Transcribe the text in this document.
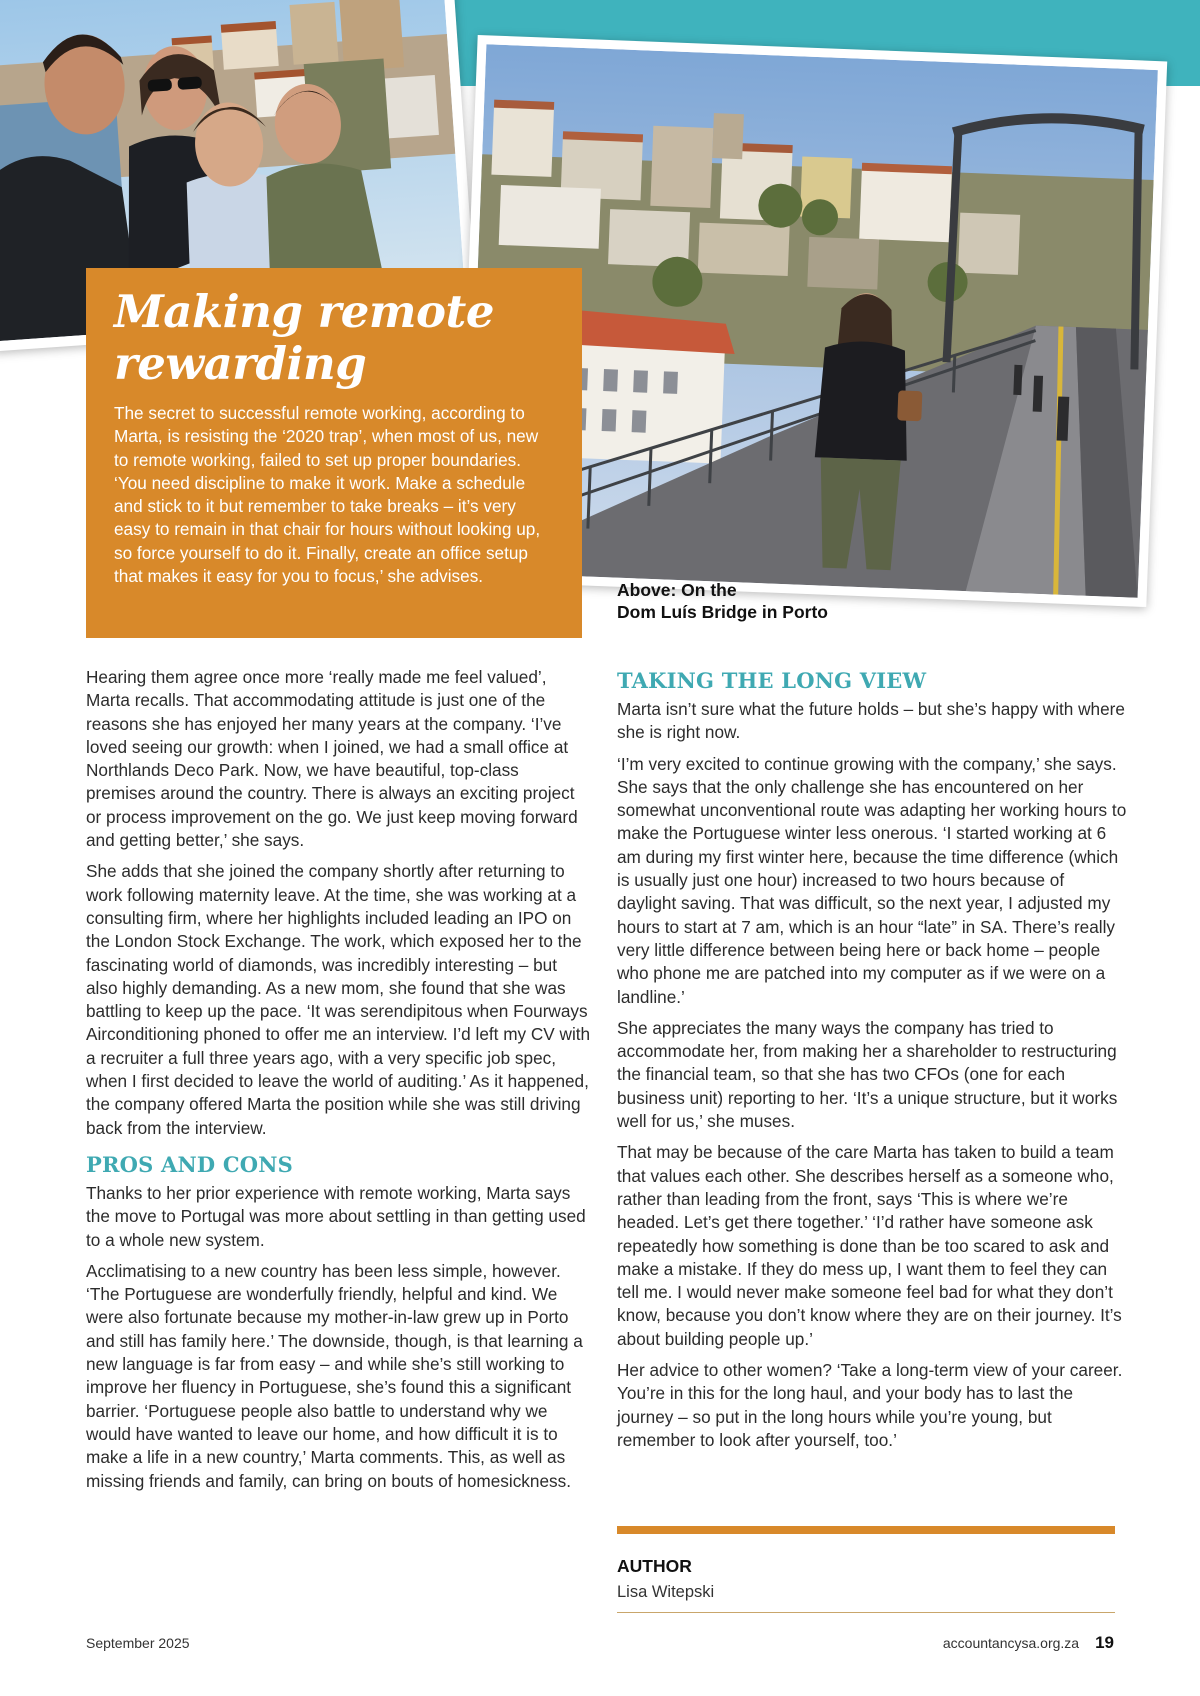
Making remote
rewarding

The secret to successful remote working, according to Marta, is resisting the ‘2020 trap’, when most of us, new to remote working, failed to set up proper boundaries. ‘You need discipline to make it work. Make a schedule and stick to it but remember to take breaks – it’s very easy to remain in that chair for hours without looking up, so force yourself to do it. Finally, create an office setup that makes it easy for you to focus,’ she advises.

Above: On the
Dom Luís Bridge in Porto

Hearing them agree once more ‘really made me feel valued’, Marta recalls. That accommodating attitude is just one of the reasons she has enjoyed her many years at the company. ‘I’ve loved seeing our growth: when I joined, we had a small office at Northlands Deco Park. Now, we have beautiful, top-class premises around the country. There is always an exciting project or process improvement on the go. We just keep moving forward and getting better,’ she says.

She adds that she joined the company shortly after returning to work following maternity leave. At the time, she was working at a consulting firm, where her highlights included leading an IPO on the London Stock Exchange. The work, which exposed her to the fascinating world of diamonds, was incredibly interesting – but also highly demanding. As a new mom, she found that she was battling to keep up the pace. ‘It was serendipitous when Fourways Airconditioning phoned to offer me an interview. I’d left my CV with a recruiter a full three years ago, with a very specific job spec, when I first decided to leave the world of auditing.’ As it happened, the company offered Marta the position while she was still driving back from the interview.

PROS AND CONS

Thanks to her prior experience with remote working, Marta says the move to Portugal was more about settling in than getting used to a whole new system.

Acclimatising to a new country has been less simple, however. ‘The Portuguese are wonderfully friendly, helpful and kind. We were also fortunate because my mother-in-law grew up in Porto and still has family here.’ The downside, though, is that learning a new language is far from easy – and while she’s still working to improve her fluency in Portuguese, she’s found this a significant barrier. ‘Portuguese people also battle to understand why we would have wanted to leave our home, and how difficult it is to make a life in a new country,’ Marta comments. This, as well as missing friends and family, can bring on bouts of homesickness.

TAKING THE LONG VIEW

Marta isn’t sure what the future holds – but she’s happy with where she is right now.

‘I’m very excited to continue growing with the company,’ she says. She says that the only challenge she has encountered on her somewhat unconventional route was adapting her working hours to make the Portuguese winter less onerous. ‘I started working at 6 am during my first winter here, because the time difference (which is usually just one hour) increased to two hours because of daylight saving. That was difficult, so the next year, I adjusted my hours to start at 7 am, which is an hour “late” in SA. There’s really very little difference between being here or back home – people who phone me are patched into my computer as if we were on a landline.’

She appreciates the many ways the company has tried to accommodate her, from making her a shareholder to restructuring the financial team, so that she has two CFOs (one for each business unit) reporting to her. ‘It’s a unique structure, but it works well for us,’ she muses.

That may be because of the care Marta has taken to build a team that values each other. She describes herself as a someone who, rather than leading from the front, says ‘This is where we’re headed. Let’s get there together.’ ‘I’d rather have someone ask repeatedly how something is done than be too scared to ask and make a mistake. If they do mess up, I want them to feel they can tell me. I would never make someone feel bad for what they don’t know, because you don’t know where they are on their journey. It’s about building people up.’

Her advice to other women? ‘Take a long-term view of your career. You’re in this for the long haul, and your body has to last the journey – so put in the long hours while you’re young, but remember to look after yourself, too.’

AUTHOR
Lisa Witepski
September 2025	accountancysa.org.za 19
